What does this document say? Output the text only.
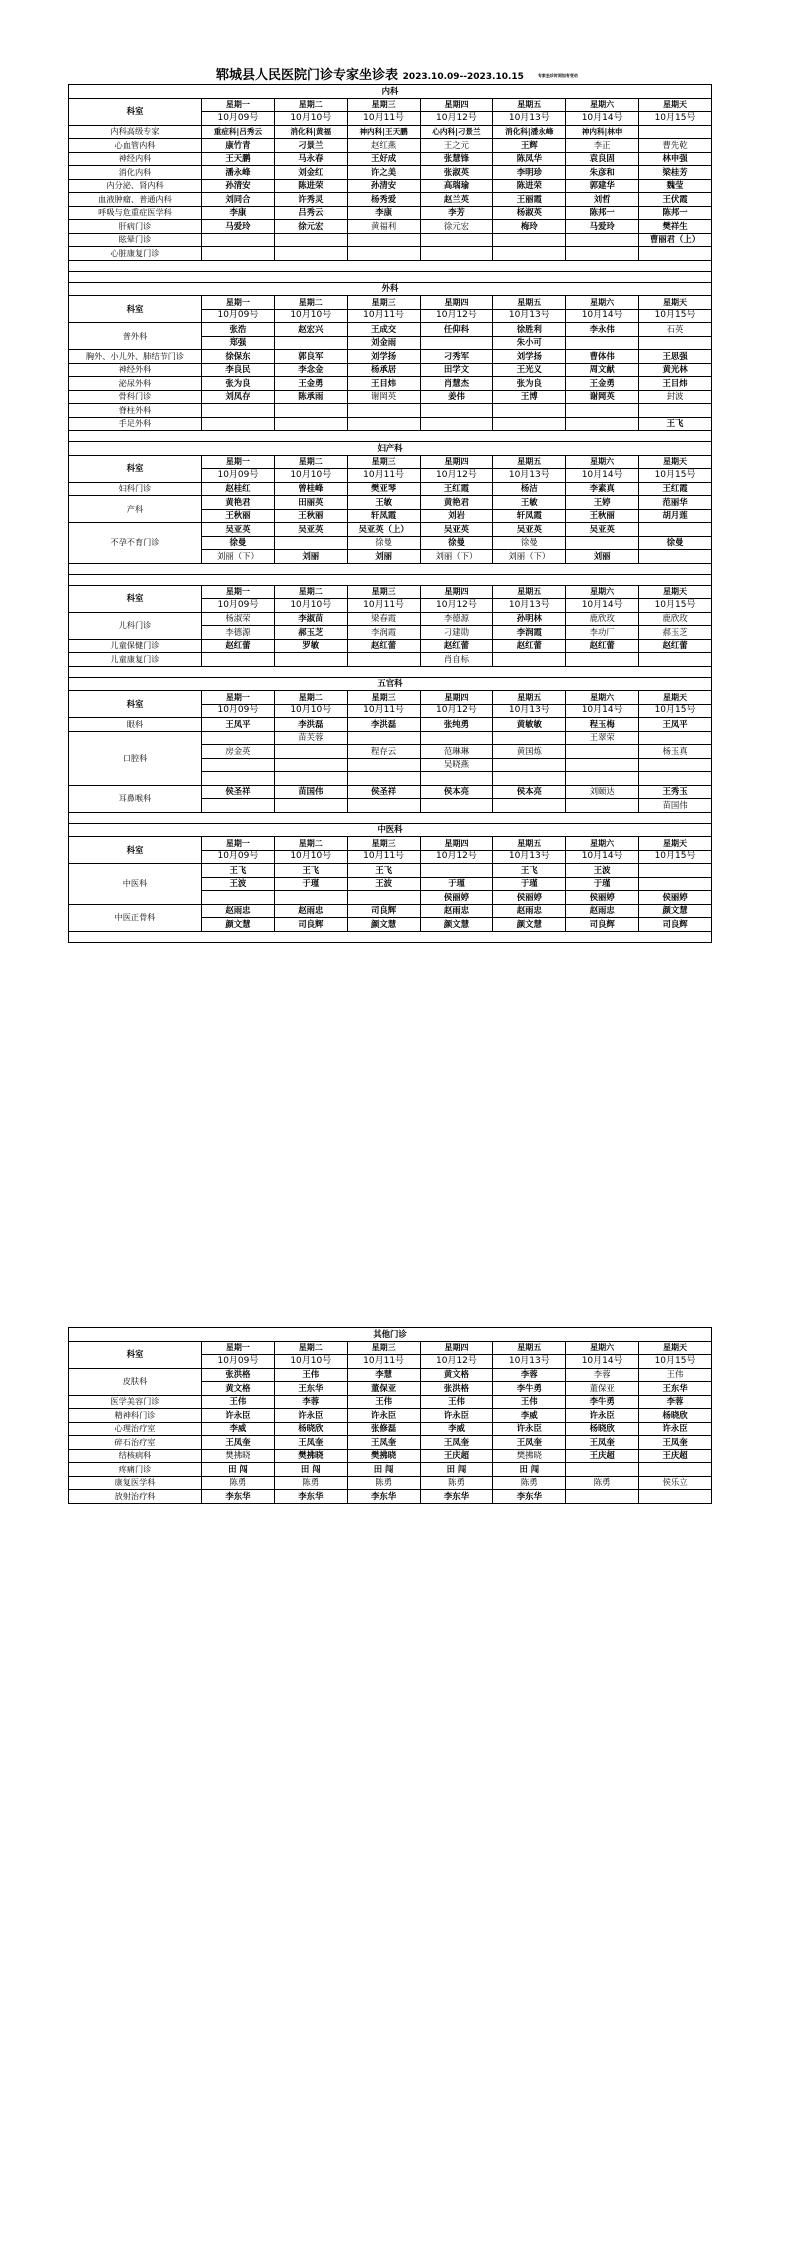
郓城县人民医院门诊专家坐诊表 2023.10.09--2023.10.15	专家坐诊时间如有变动
内科							
科室	星期一	星期二	星期三	星期四	星期五	星期六	星期天
	10月09号	10月10号	10月11号	10月12号	10月13号	10月14号	10月15号
内科高级专家	重症科|吕秀云	消化科|黄福	神内科|王天鹏	心内科|刁景兰	消化科|潘永峰	神内科|林申	
心血管内科	康竹青	刁景兰	赵红燕	王之元	王辉	李正	曹先乾
神经内科	王天鹏	马永春	王好成	张慧锋	陈凤华	袁良固	林申强
消化内科	潘永峰	刘金红	许之美	张淑英	李明珍	朱彦和	梁桂芳
内分泌、肾内科	孙清安	陈进荣	孙清安	高瑞瑜	陈进荣	郭建华	魏莹
血液肿瘤、普通内科	刘同合	许秀灵	杨秀爱	赵兰英	王丽霞	刘哲	王伏霞
呼吸与危重症医学科	李康	吕秀云	李康	李芳	杨淑英	陈邦一	陈邦一
肝病门诊	马爱玲	徐元宏	黄福利	徐元宏	梅玲	马爱玲	樊祥生
眩晕门诊							曹丽君（上）
心脏康复门诊							

外科							
科室	星期一	星期二	星期三	星期四	星期五	星期六	星期天
	10月09号	10月10号	10月11号	10月12号	10月13号	10月14号	10月15号
普外科	张浩	赵宏兴	王成交	任仰科	徐胜利	李永伟	石英
	郑强		刘金雨		朱小可		
胸外、小儿外、肺结节门诊	徐保东	郭良军	刘学扬	刁秀军	刘学扬	曹体伟	王思强
神经外科	李良民	李念金	杨承居	田学文	王光义	周文献	黄光林
泌尿外科	张为良	王金勇	王目炜	肖慧杰	张为良	王金勇	王目炜
骨科门诊	刘凤存	陈承雨	谢岡英	姜伟	王博	谢岡英	封波
脊柱外科							
手足外科							王飞

妇产科							
科室	星期一	星期二	星期三	星期四	星期五	星期六	星期天
	10月09号	10月10号	10月11号	10月12号	10月13号	10月14号	10月15号
妇科门诊	赵桂红	曾桂峰	樊亚琴	王红霞	杨洁	李素真	王红霞
产科	黄艳君	田丽英	王敏	黄艳君	王敏	王婷	范丽华
	王秋丽	王秋丽	轩凤霞	刘岩	轩凤霞	王秋丽	胡月莲
不孕不育门诊	吴亚英	吴亚英	吴亚英（上）	吴亚英	吴亚英	吴亚英	
	徐曼		徐曼	徐曼	徐曼		徐曼
	刘丽（下）	刘丽	刘丽	刘丽（下）	刘丽（下）	刘丽	

科室	星期一	星期二	星期三	星期四	星期五	星期六	星期天
	10月09号	10月10号	10月11号	10月12号	10月13号	10月14号	10月15号
儿科门诊	杨淑荣	李淑苗	梁春霞	李德源	孙明林	鹿欣玫	鹿欣玫
	李德源	郝玉芝	李润霞	刁建勋	李润霞	李功厂	郝玉芝
儿童保健门诊	赵红蕾	罗敏	赵红蕾	赵红蕾	赵红蕾	赵红蕾	赵红蕾
儿童康复门诊				肖自标			

五官科							
科室	星期一	星期二	星期三	星期四	星期五	星期六	星期天
	10月09号	10月10号	10月11号	10月12号	10月13号	10月14号	10月15号
眼科	王凤平	李洪磊	李洪磊	张纯勇	黄敏敏	程玉梅	王凤平
口腔科		苗芙蓉				王翠荣	
	房金英		程存云	范琳琳	黄国炼		杨玉真
				吴晓燕			

耳鼻喉科	侯圣祥	苗国伟	侯圣祥	侯本亮	侯本亮	刘颐达	王秀玉
							苗国伟

中医科							
科室	星期一	星期二	星期三	星期四	星期五	星期六	星期天
	10月09号	10月10号	10月11号	10月12号	10月13号	10月14号	10月15号
中医科	王飞	王飞	王飞		王飞	王波	
	王波	于瑾	王波	于瑾	于瑾	于瑾	
				侯丽婷	侯丽婷	侯丽婷	侯丽婷
中医正骨科	赵雨忠	赵雨忠	司良辉	赵雨忠	赵雨忠	赵雨忠	颜文慧
	颜文慧	司良辉	颜文慧	颜文慧	颜文慧	司良辉	司良辉

其他门诊							
科室	星期一	星期二	星期三	星期四	星期五	星期六	星期天
	10月09号	10月10号	10月11号	10月12号	10月13号	10月14号	10月15号
皮肤科	张洪格	王伟	李慧	黄文格	李蓉	李蓉	王伟
	黄文格	王东华	董保亚	张洪格	李牛勇	董保亚	王东华
医学美容门诊	王伟	李蓉	王伟	王伟	王伟	李牛勇	李蓉
精神科门诊	许永臣	许永臣	许永臣	许永臣	李威	许永臣	杨晓欣
心理治疗室	李威	杨晓欣	张修磊	李威	许永臣	杨晓欣	许永臣
碎石治疗室	王凤奎	王凤奎	王凤奎	王凤奎	王凤奎	王凤奎	王凤奎
结核病科	樊拂晓	樊拂晓	樊拂晓	王庆超	樊拂晓	王庆超	王庆超
疼痛门诊	田 闯	田 闯	田 闯	田 闯	田 闯		
康复医学科	陈勇	陈勇	陈勇	陈勇	陈勇	陈勇	侯乐立
放射治疗科	李东华	李东华	李东华	李东华	李东华		
